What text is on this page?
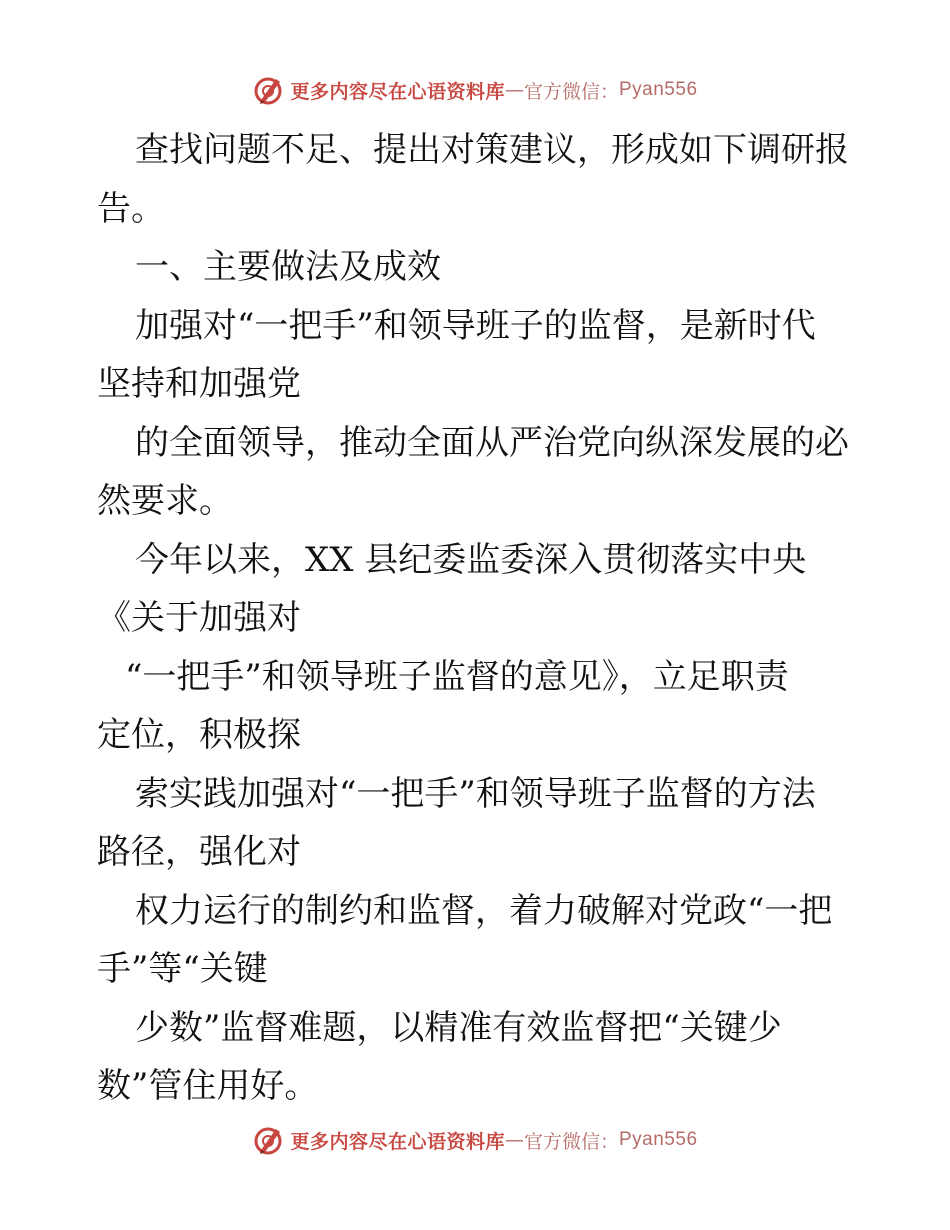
更多内容尽在心语资料库 — 官方微信： Pyan556
查找问题不足、提出对策建议，形成如下调研报
告。
一、主要做法及成效
加强对“一把手”和领导班子的监督，是新时代
坚持和加强党
的全面领导，推动全面从严治党向纵深发展的必
然要求。
今年以来，XX 县纪委监委深入贯彻落实中央
《关于加强对
“一把手”和领导班子监督的意见》，立足职责
定位，积极探
索实践加强对“一把手”和领导班子监督的方法
路径，强化对
权力运行的制约和监督，着力破解对党政“一把
手”等“关键
少数”监督难题，以精准有效监督把“关键少
数”管住用好。
更多内容尽在心语资料库 — 官方微信： Pyan556
